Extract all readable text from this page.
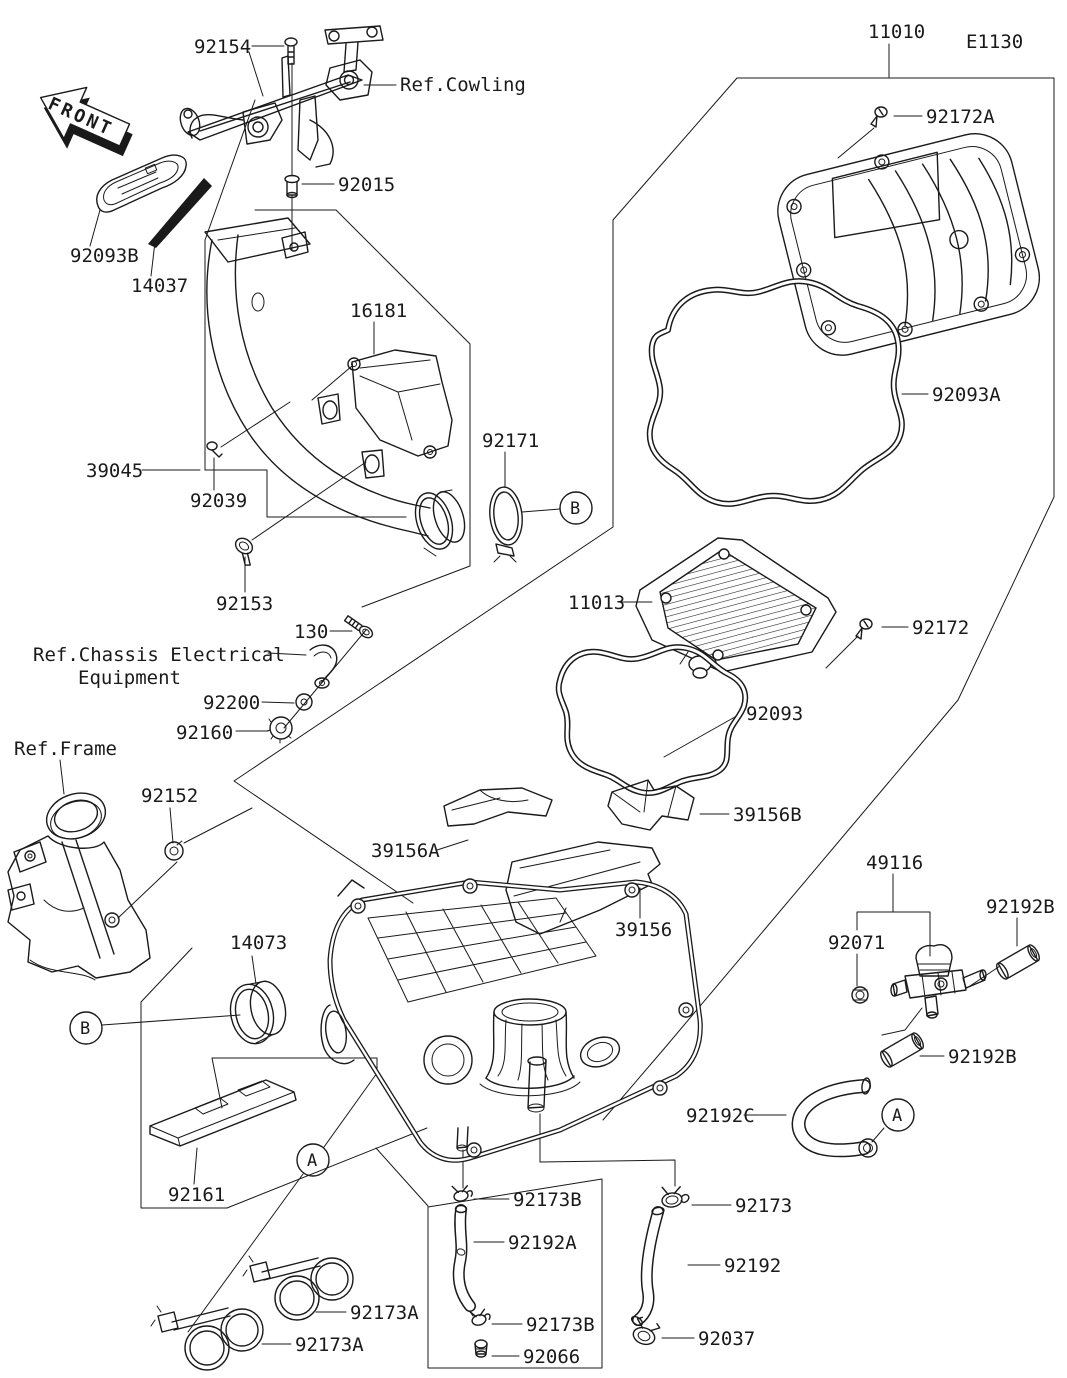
FRONT
B
B
A
A
92154
Ref.Cowling
11010 E1130
92172A
92015
92093B
14037
16181
92093A
92171
39045
92039
92153	11013
92172
130
Ref.Chassis Electrical
Equipment
92200	92093
92160
Ref.Frame
92152
39156B
39156A
49116
92192B
39156
92071
14073
92192B
92192C
92161	92173B	92173
92192A
92192
92173A
92173A
92173B
92037
92066
